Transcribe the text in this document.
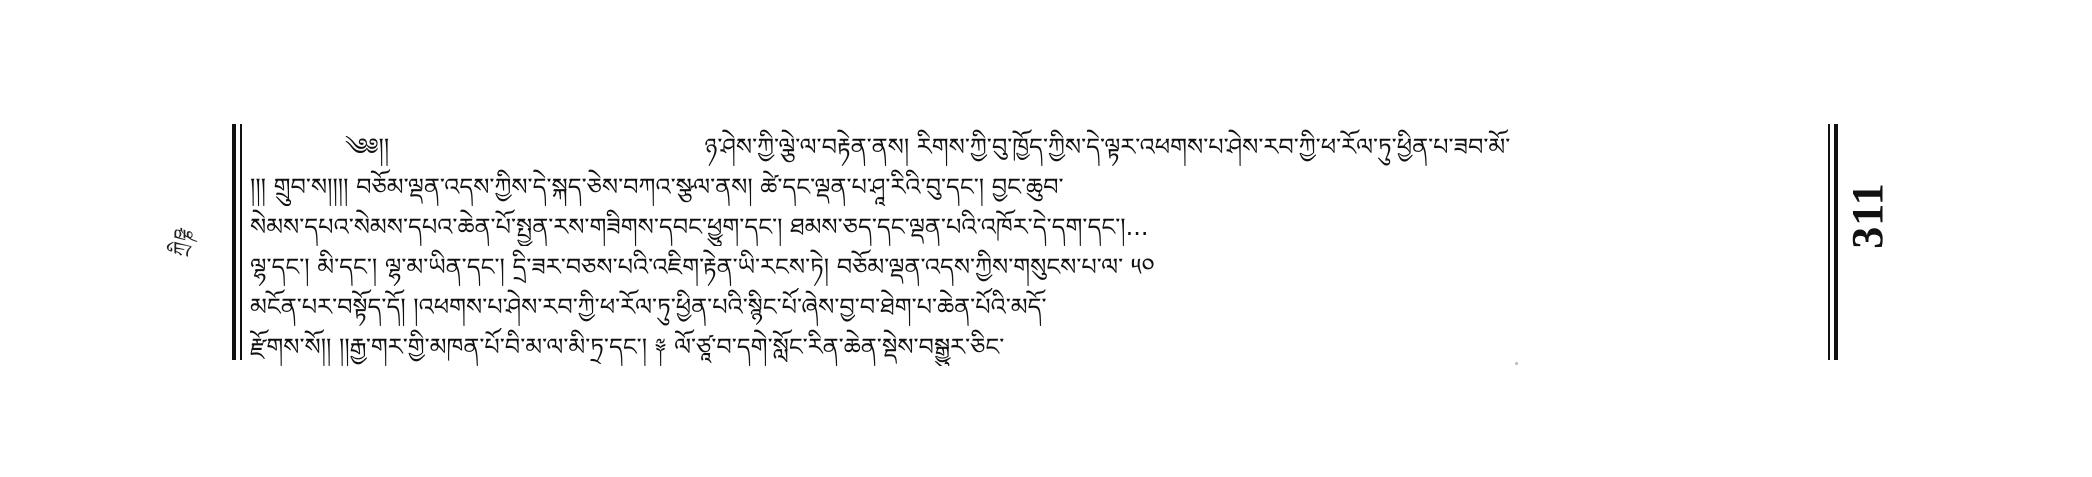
ཀྲིཥྞ	311
༄༅།།	ཉ་ཤེས་ཀྱི་ལྕེ་ལ་བརྟེན་ནས། རིགས་ཀྱི་བུ་ཁྱོད་ཀྱིས་དེ་ལྟར་འཕགས་པ་ཤེས་རབ་ཀྱི་ཕ་རོལ་ཏུ་ཕྱིན་པ་ཟབ་མོ་
།།། གྲུབ་ས།།།། བཅོམ་ལྡན་འདས་ཀྱིས་དེ་སྐད་ཅེས་བཀའ་སྩལ་ནས། ཚེ་དང་ལྡན་པ་ཤཱ་རིའི་བུ་དང་། བྱང་ཆུབ་
སེམས་དཔའ་སེམས་དཔའ་ཆེན་པོ་སྤྱན་རས་གཟིགས་དབང་ཕྱུག་དང་། ཐམས་ཅད་དང་ལྡན་པའི་འཁོར་དེ་དག་དང་།...
ལྷ་དང་། མི་དང་། ལྷ་མ་ཡིན་དང་། དྲི་ཟར་བཅས་པའི་འཇིག་རྟེན་ཡི་རངས་ཏེ། བཅོམ་ལྡན་འདས་ཀྱིས་གསུངས་པ་ལ་ ༥༠
མངོན་པར་བསྟོད་དོ། །འཕགས་པ་ཤེས་རབ་ཀྱི་ཕ་རོལ་ཏུ་ཕྱིན་པའི་སྙིང་པོ་ཞེས་བྱ་བ་ཐེག་པ་ཆེན་པོའི་མདོ་
རྫོགས་སོ།། །།རྒྱ་གར་གྱི་མཁན་པོ་བི་མ་ལ་མི་ཏྲ་དང་། ༈ ལོ་ཙཱ་བ་དགེ་སློང་རིན་ཆེན་སྡེས་བསྒྱུར་ཅིང་
